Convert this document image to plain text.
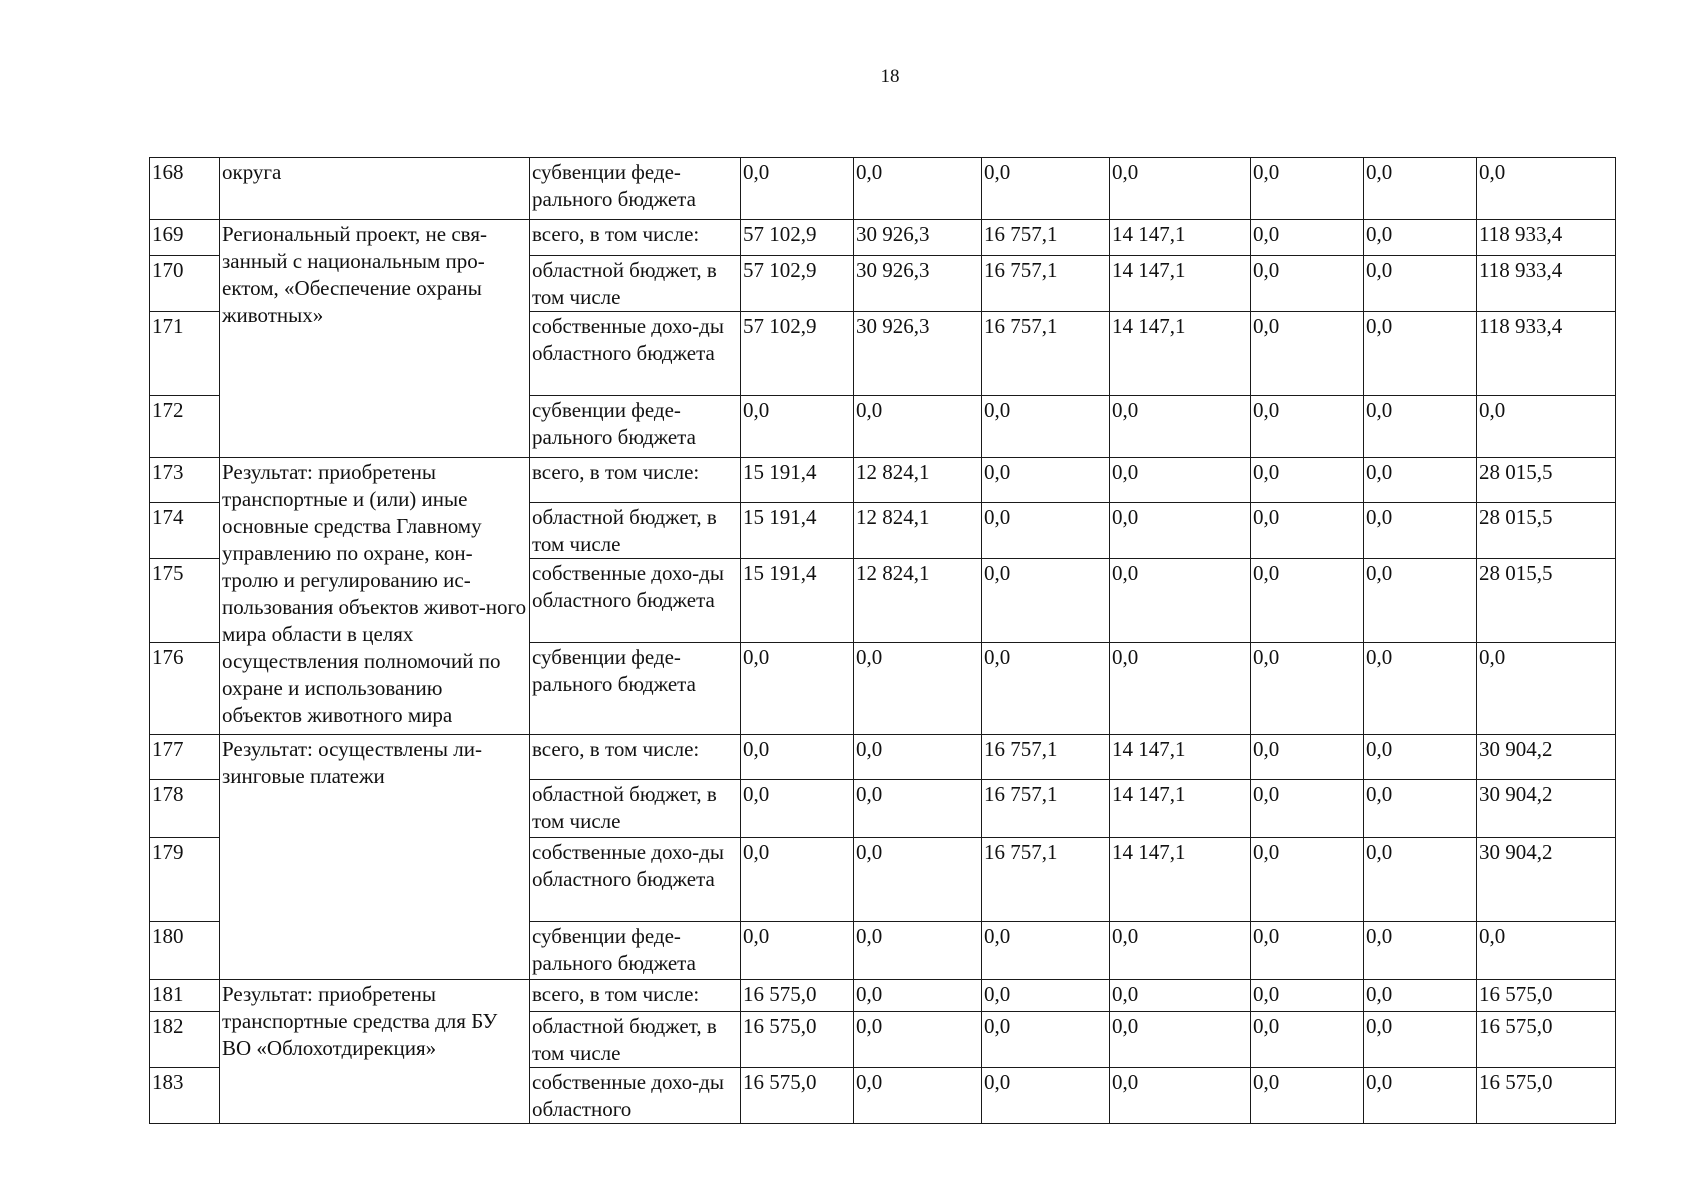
18
168	округа	субвенции феде-рального бюджета	0,0	0,0	0,0	0,0	0,0	0,0	0,0
169	Региональный проект, не свя-занный с национальным про-ектом, «Обеспечение охраны животных»	всего, в том числе:	57 102,9	30 926,3	16 757,1	14 147,1	0,0	0,0	118 933,4
170		областной бюджет, в том числе	57 102,9	30 926,3	16 757,1	14 147,1	0,0	0,0	118 933,4
171		собственные дохо-ды областного бюджета	57 102,9	30 926,3	16 757,1	14 147,1	0,0	0,0	118 933,4
172		субвенции феде-рального бюджета	0,0	0,0	0,0	0,0	0,0	0,0	0,0
173	Результат: приобретены транспортные и (или) иные основные средства Главному управлению по охране, кон-тролю и регулированию ис-пользования объектов живот-ного мира области в целях осуществления полномочий по охране и использованию объектов животного мира	всего, в том числе:	15 191,4	12 824,1	0,0	0,0	0,0	0,0	28 015,5
174		областной бюджет, в том числе	15 191,4	12 824,1	0,0	0,0	0,0	0,0	28 015,5
175		собственные дохо-ды областного бюджета	15 191,4	12 824,1	0,0	0,0	0,0	0,0	28 015,5
176		субвенции феде-рального бюджета	0,0	0,0	0,0	0,0	0,0	0,0	0,0
177	Результат: осуществлены ли-зинговые платежи	всего, в том числе:	0,0	0,0	16 757,1	14 147,1	0,0	0,0	30 904,2
178		областной бюджет, в том числе	0,0	0,0	16 757,1	14 147,1	0,0	0,0	30 904,2
179		собственные дохо-ды областного бюджета	0,0	0,0	16 757,1	14 147,1	0,0	0,0	30 904,2
180		субвенции феде-рального бюджета	0,0	0,0	0,0	0,0	0,0	0,0	0,0
181	Результат: приобретены транспортные средства для БУ ВО «Облохотдирекция»	всего, в том числе:	16 575,0	0,0	0,0	0,0	0,0	0,0	16 575,0
182		областной бюджет, в том числе	16 575,0	0,0	0,0	0,0	0,0	0,0	16 575,0
183		собственные дохо-ды областного	16 575,0	0,0	0,0	0,0	0,0	0,0	16 575,0
